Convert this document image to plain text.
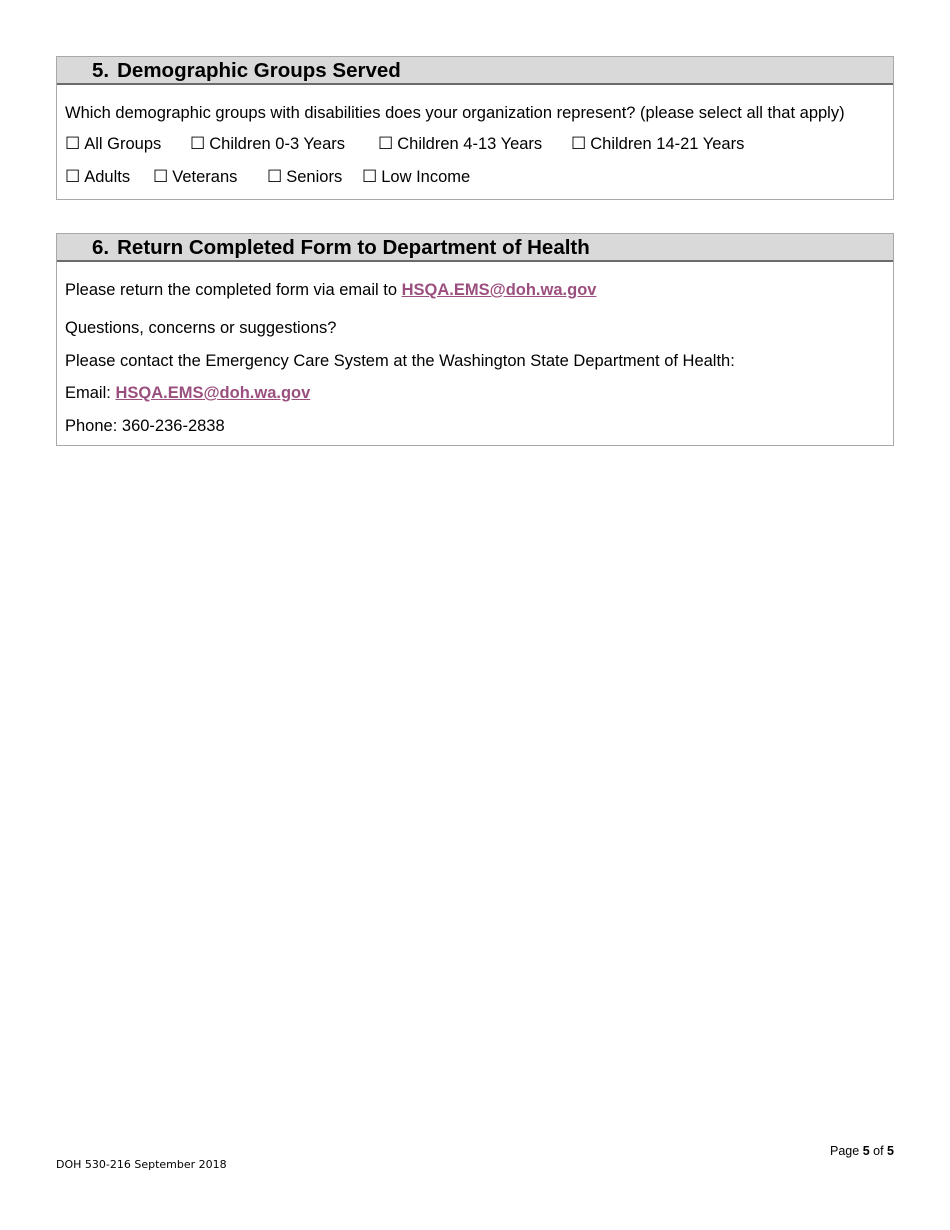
5. Demographic Groups Served
Which demographic groups with disabilities does your organization represent? (please select all that apply)
☐ All Groups ☐ Children 0-3 Years ☐ Children 4-13 Years ☐ Children 14-21 Years
☐ Adults ☐ Veterans ☐ Seniors ☐ Low Income
6. Return Completed Form to Department of Health
Please return the completed form via email to HSQA.EMS@doh.wa.gov
Questions, concerns or suggestions?
Please contact the Emergency Care System at the Washington State Department of Health:
Email: HSQA.EMS@doh.wa.gov
Phone: 360-236-2838
Page 5 of 5
DOH 530-216 September 2018
